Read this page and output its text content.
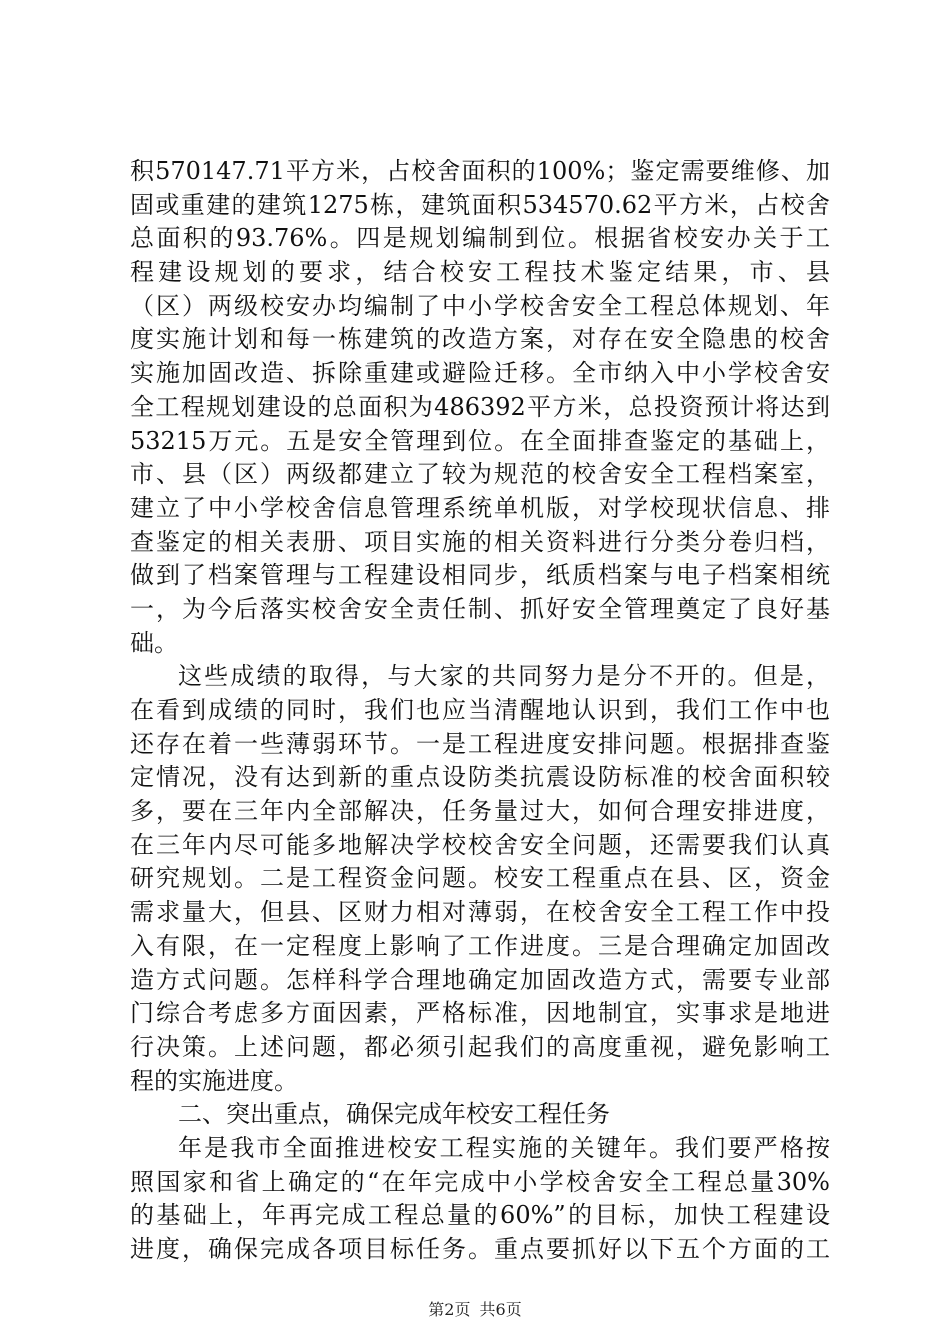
积570147.71平方米，占校舍面积的100%；鉴定需要维修、加
固或重建的建筑1275栋，建筑面积534570.62平方米，占校舍
总面积的93.76%。四是规划编制到位。根据省校安办关于工
程建设规划的要求，结合校安工程技术鉴定结果，市、县
（区）两级校安办均编制了中小学校舍安全工程总体规划、年
度实施计划和每一栋建筑的改造方案，对存在安全隐患的校舍
实施加固改造、拆除重建或避险迁移。全市纳入中小学校舍安
全工程规划建设的总面积为486392平方米，总投资预计将达到
53215万元。五是安全管理到位。在全面排查鉴定的基础上，
市、县（区）两级都建立了较为规范的校舍安全工程档案室，
建立了中小学校舍信息管理系统单机版，对学校现状信息、排
查鉴定的相关表册、项目实施的相关资料进行分类分卷归档，
做到了档案管理与工程建设相同步，纸质档案与电子档案相统
一，为今后落实校舍安全责任制、抓好安全管理奠定了良好基
础。
这些成绩的取得，与大家的共同努力是分不开的。但是，
在看到成绩的同时，我们也应当清醒地认识到，我们工作中也
还存在着一些薄弱环节。一是工程进度安排问题。根据排查鉴
定情况，没有达到新的重点设防类抗震设防标准的校舍面积较
多，要在三年内全部解决，任务量过大，如何合理安排进度，
在三年内尽可能多地解决学校校舍安全问题，还需要我们认真
研究规划。二是工程资金问题。校安工程重点在县、区，资金
需求量大，但县、区财力相对薄弱，在校舍安全工程工作中投
入有限，在一定程度上影响了工作进度。三是合理确定加固改
造方式问题。怎样科学合理地确定加固改造方式，需要专业部
门综合考虑多方面因素，严格标准，因地制宜，实事求是地进
行决策。上述问题，都必须引起我们的高度重视，避免影响工
程的实施进度。
二、突出重点，确保完成年校安工程任务
年是我市全面推进校安工程实施的关键年。我们要严格按
照国家和省上确定的“在年完成中小学校舍安全工程总量30%
的基础上，年再完成工程总量的60%”的目标，加快工程建设
进度，确保完成各项目标任务。重点要抓好以下五个方面的工
第2页 共6页
